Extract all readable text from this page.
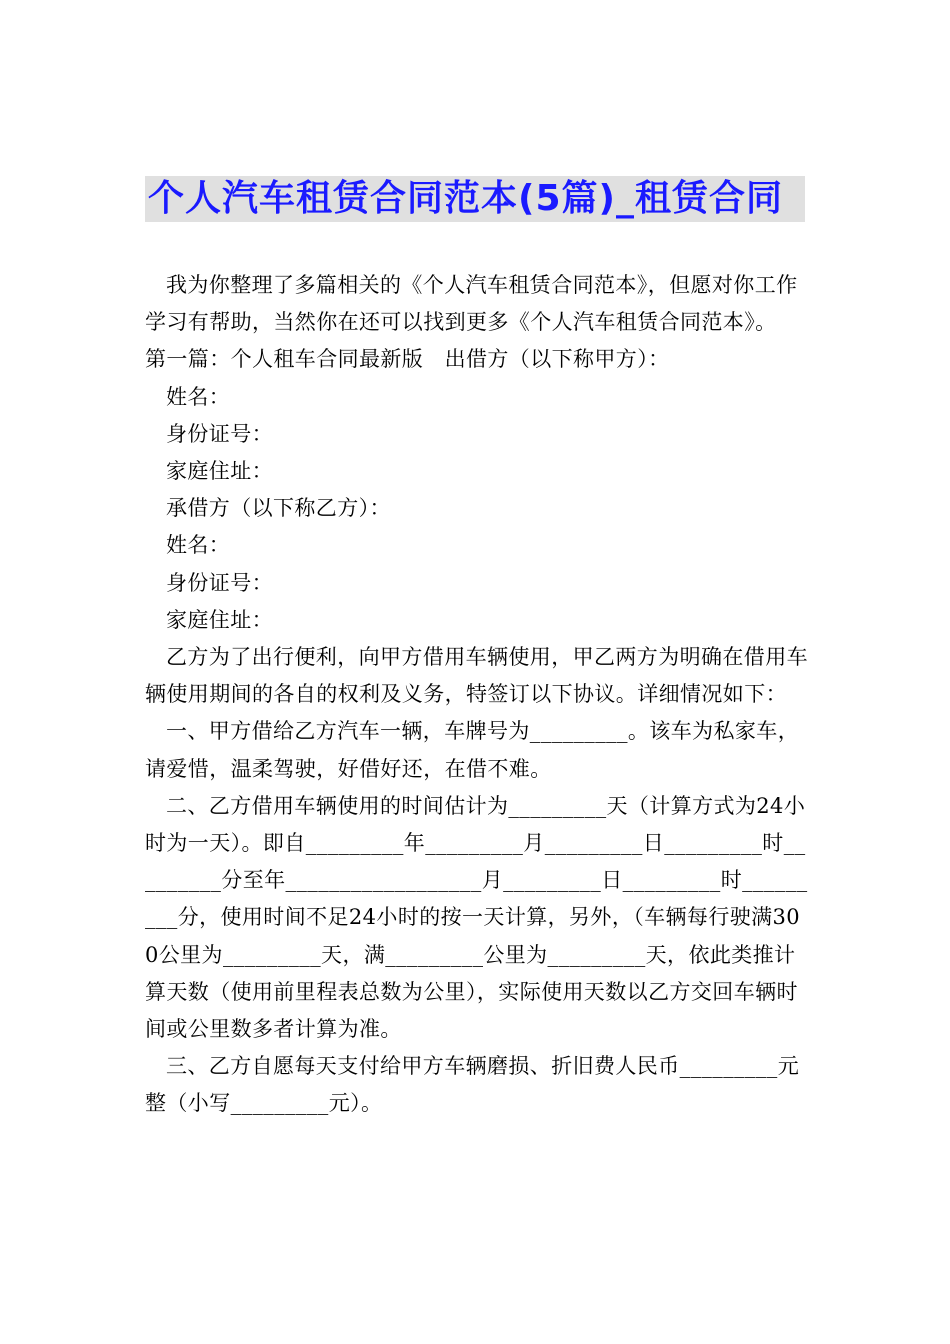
个人汽车租赁合同范本(5篇)_租赁合同

我为你整理了多篇相关的《个人汽车租赁合同范本》，但愿对你工作学习有帮助，当然你在还可以找到更多《个人汽车租赁合同范本》。

第一篇：个人租车合同最新版　出借方（以下称甲方）：

姓名：

身份证号：

家庭住址：

承借方（以下称乙方）：

姓名：

身份证号：

家庭住址：

乙方为了出行便利，向甲方借用车辆使用，甲乙两方为明确在借用车辆使用期间的各自的权利及义务，特签订以下协议。详细情况如下：

一、甲方借给乙方汽车一辆，车牌号为_________。该车为私家车，请爱惜，温柔驾驶，好借好还，在借不难。

二、乙方借用车辆使用的时间估计为_________天（计算方式为24小时为一天）。即自_________年_________月_________日_________时_________分至年__________________月_________日_________时_________分，使用时间不足24小时的按一天计算，另外，（车辆每行驶满300公里为_________天，满_________公里为_________天，依此类推计算天数（使用前里程表总数为公里），实际使用天数以乙方交回车辆时间或公里数多者计算为准。

三、乙方自愿每天支付给甲方车辆磨损、折旧费人民币_________元整（小写_________元）。
